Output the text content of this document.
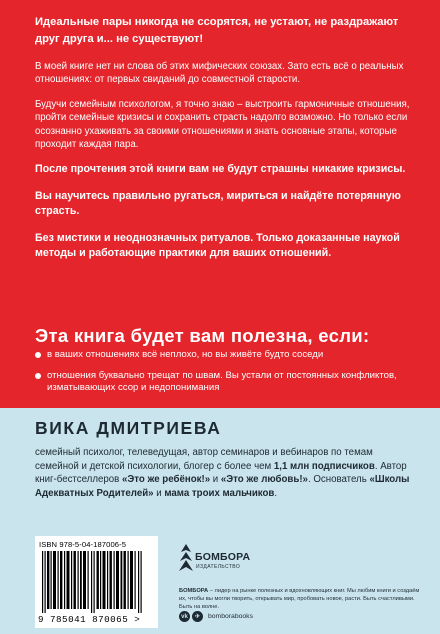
Идеальные пары никогда не ссорятся, не устают, не раздражают друг друга и... не существуют!

В моей книге нет ни слова об этих мифических союзах. Зато есть всё о реальных отношениях: от первых свиданий до совместной старости.

Будучи семейным психологом, я точно знаю – выстроить гармоничные отношения, пройти семейные кризисы и сохранить страсть надолго возможно. Но только если осознанно ухаживать за своими отношениями и знать основные этапы, которые проходит каждая пара.

После прочтения этой книги вам не будут страшны никакие кризисы.

Вы научитесь правильно ругаться, мириться и найдёте потерянную страсть.

Без мистики и неоднозначных ритуалов. Только доказанные наукой методы и работающие практики для ваших отношений.

Эта книга будет вам полезна, если:
в ваших отношениях всё неплохо, но вы живёте будто соседи
отношения буквально трещат по швам. Вы устали от постоянных конфликтов, изматывающих ссор и недопонимания
ВИКА ДМИТРИЕВА

семейный психолог, телеведущая, автор семинаров и вебинаров по темам семейной и детской психологии, блогер с более чем 1,1 млн подписчиков. Автор книг-бестселлеров «Это же ребёнок!» и «Это же любовь!». Основатель «Школы Адекватных Родителей» и мама троих мальчиков.

ISBN 978-5-04-187006-5
9 785041 870065 >
БОМБОРА
ИЗДАТЕЛЬСТВО

БОМБОРА – лидер на рынке полезных и вдохновляющих книг. Мы любим книги и создаём их, чтобы вы могли творить, открывать мир, пробовать новое, расти. Быть счастливыми. Быть на волне.

vk	✈	bomborabooks
